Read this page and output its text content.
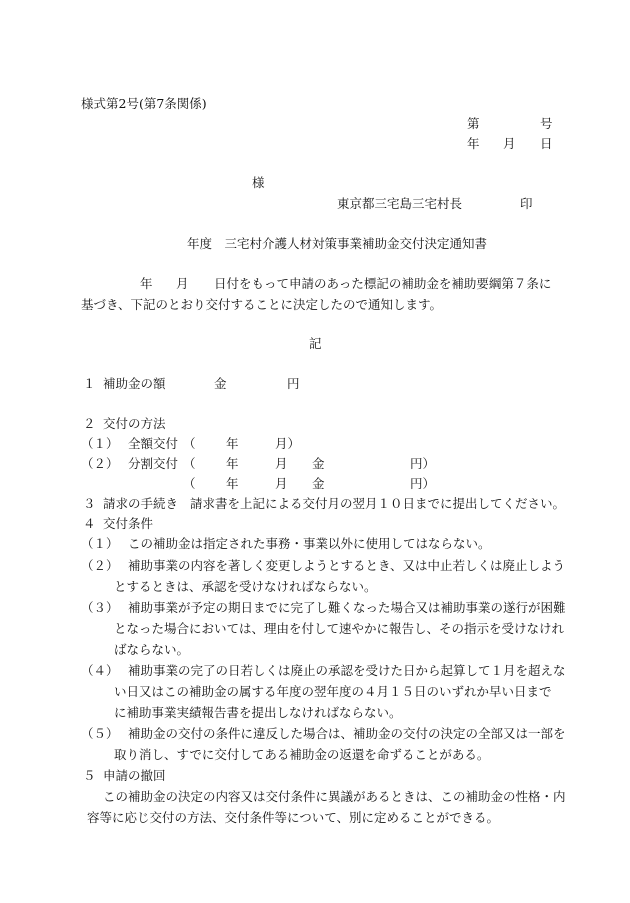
様式第2号(第7条関係)
第	号
年 月 日
様
東京都三宅島三宅村長	印
年度　三宅村介護人材対策事業補助金交付決定通知書
年 月 日付をもって申請のあった標記の補助金を補助要綱第７条に
基づき、下記のとおり交付することに決定したので通知します。
記
１ 補助金の額	金	円
２ 交付の方法
（１） 全額交付 （ 年	月）
（２） 分割交付 （ 年	月 金	円）
（ 年	月 金	円）
３ 請求の手続き 請求書を上記による交付月の翌月１０日までに提出してください。
４ 交付条件
（１） この補助金は指定された事務・事業以外に使用してはならない。
（２） 補助事業の内容を著しく変更しようとするとき、又は中止若しくは廃止しよう
とするときは、承認を受けなければならない。
（３） 補助事業が予定の期日までに完了し難くなった場合又は補助事業の遂行が困難
となった場合においては、理由を付して速やかに報告し、その指示を受けなけれ
ばならない。
（４） 補助事業の完了の日若しくは廃止の承認を受けた日から起算して１月を超えな
い日又はこの補助金の属する年度の翌年度の４月１５日のいずれか早い日まで
に補助事業実績報告書を提出しなければならない。
（５） 補助金の交付の条件に違反した場合は、補助金の交付の決定の全部又は一部を
取り消し、すでに交付してある補助金の返還を命ずることがある。
５ 申請の撤回
この補助金の決定の内容又は交付条件に異議があるときは、この補助金の性格・内
容等に応じ交付の方法、交付条件等について、別に定めることができる。
